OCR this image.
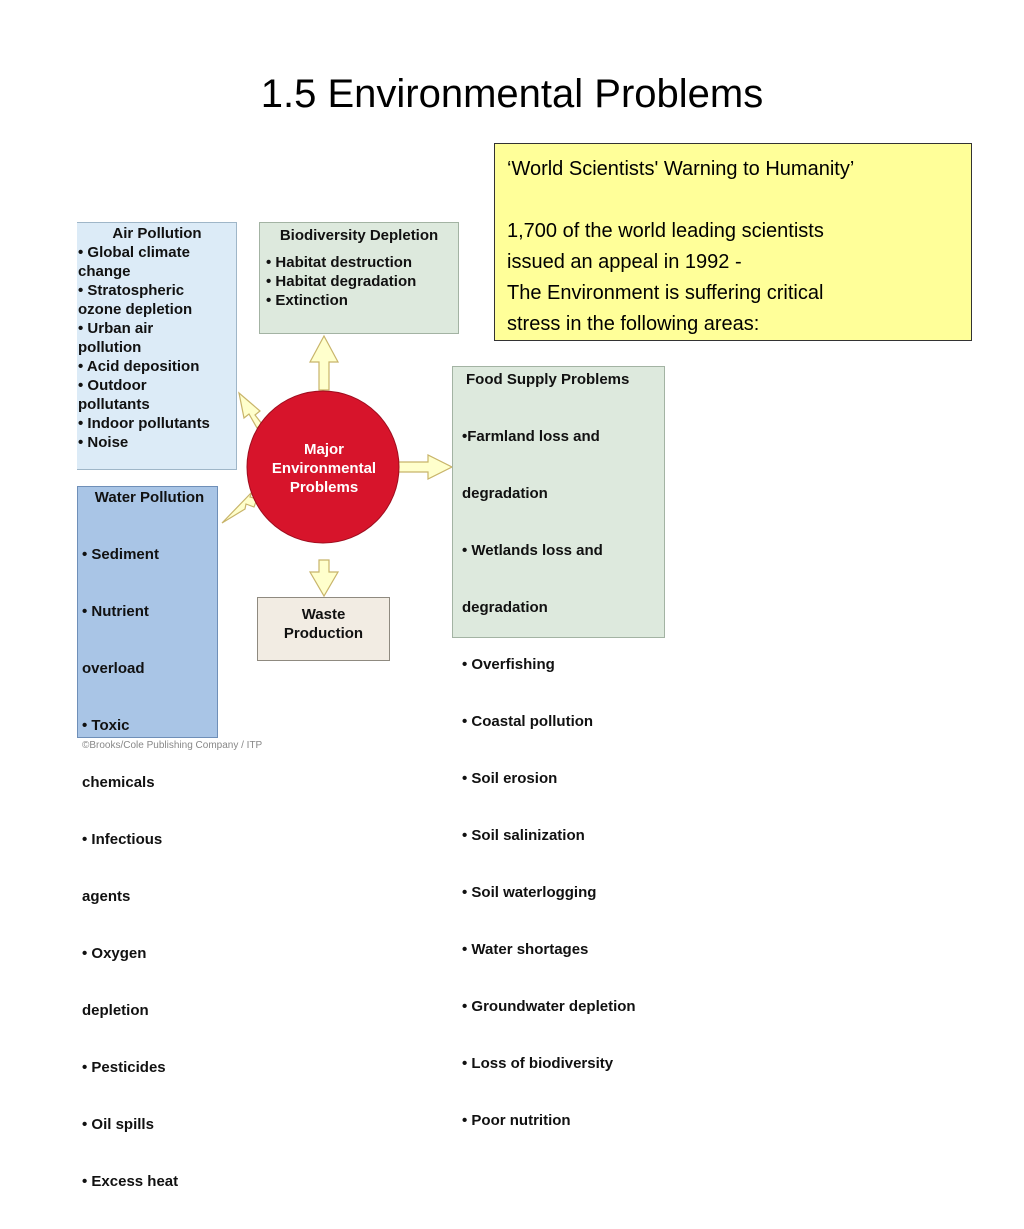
1.5 Environmental Problems
‘World Scientists' Warning to Humanity’
1,700 of the world leading scientists
issued an appeal in 1992 -
The Environment is suffering critical
stress in the following areas:
Major
Environmental
Problems
Air Pollution
• Global climate
change
• Stratospheric
ozone depletion
• Urban air
pollution
• Acid deposition
• Outdoor
pollutants
• Indoor pollutants
• Noise
Biodiversity Depletion
• Habitat destruction
• Habitat degradation
• Extinction
Food Supply Problems

•Farmland loss and

degradation

• Wetlands loss and

degradation

• Overfishing

• Coastal pollution

• Soil erosion

• Soil salinization

• Soil waterlogging

• Water shortages

• Groundwater depletion

• Loss of biodiversity

• Poor nutrition

Water Pollution

• Sediment

• Nutrient

overload

• Toxic

chemicals

• Infectious

agents

• Oxygen

depletion

• Pesticides

• Oil spills

• Excess heat

Waste
Production
©Brooks/Cole Publishing Company / ITP
